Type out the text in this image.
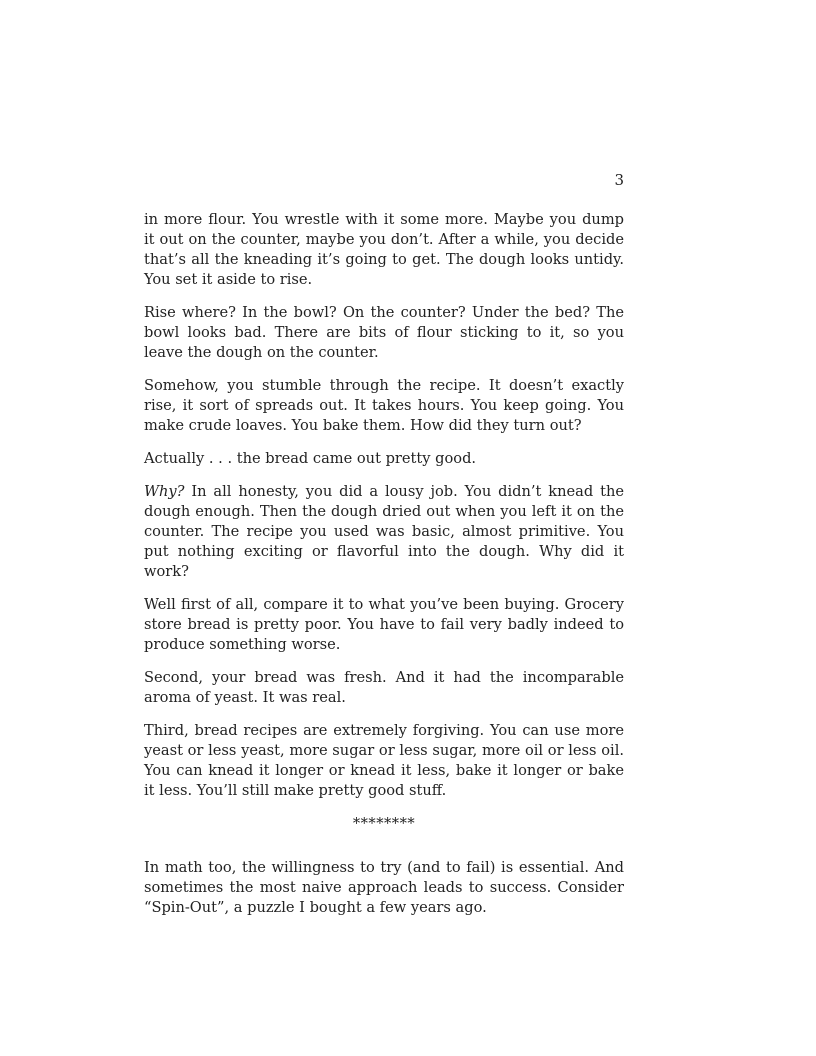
3

in more flour. You wrestle with it some more. Maybe you dump it out on the counter, maybe you don’t. After a while, you decide that’s all the kneading it’s going to get. The dough looks untidy. You set it aside to rise.

Rise where? In the bowl? On the counter? Under the bed? The bowl looks bad. There are bits of flour sticking to it, so you leave the dough on the counter.

Somehow, you stumble through the recipe. It doesn’t exactly rise, it sort of spreads out. It takes hours. You keep going. You make crude loaves. You bake them. How did they turn out?

Actually . . . the bread came out pretty good.

Why? In all honesty, you did a lousy job. You didn’t knead the dough enough. Then the dough dried out when you left it on the counter. The recipe you used was basic, almost primitive. You put nothing exciting or flavorful into the dough. Why did it work?

Well first of all, compare it to what you’ve been buying. Grocery store bread is pretty poor. You have to fail very badly indeed to produce something worse.

Second, your bread was fresh. And it had the incomparable aroma of yeast. It was real.

Third, bread recipes are extremely forgiving. You can use more yeast or less yeast, more sugar or less sugar, more oil or less oil. You can knead it longer or knead it less, bake it longer or bake it less. You’ll still make pretty good stuff.

********

In math too, the willingness to try (and to fail) is essential. And sometimes the most naive approach leads to success. Consider “Spin-Out”, a puzzle I bought a few years ago.
